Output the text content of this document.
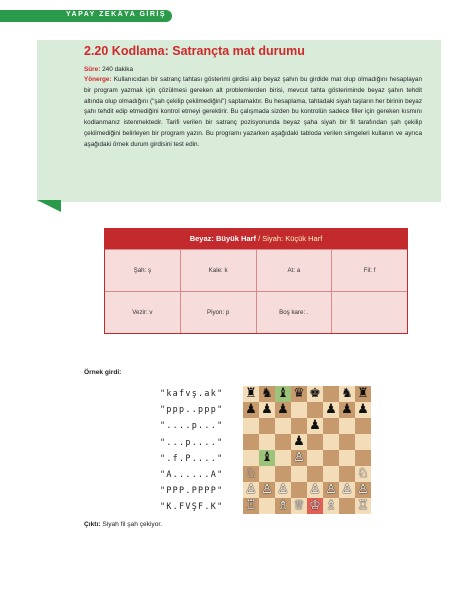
YAPAY ZEKÂYA GİRİŞ
2.20 Kodlama: Satrançta mat durumu
Süre: 240 dakika
Yönerge: Kullanıcıdan bir satranç tahtası gösterimi girdisi alıp beyaz şahın bu girdide mat olup olmadığını hesaplayan bir program yazmak için çözülmesi gereken alt problemlerden birisi, mevcut tahta gösteriminde beyaz şahın tehdit altında olup olmadığını ("şah çekilip çekilmediğini") saptamaktır. Bu hesaplama, tahtadaki siyah taşların her birinin beyaz şahı tehdit edip etmediğini kontrol etmeyi gerektirir. Bu çalışmada sizden bu kontrolün sadece filler için gereken kısmını kodlanmanız istenmektedir. Tarifi verilen bir satranç pozisyonunda beyaz şaha siyah bir fil tarafından şah çekilip çekilmediğini belirleyen bir program yazın. Bu programı yazarken aşağıdaki tabloda verilen simgeleri kullanın ve ayrıca aşağıdaki örnek durum girdisini test edin.
Beyaz: Büyük Harf / Siyah: Küçük Harf
Şah: ş	Kale: k	At: a	Fil: f
Vezir: v	Piyon: p	Boş kare: .
Örnek girdi:
"kafvş.ak"
"ppp..ppp"
"....p..."
"...p...."
".f.P...."
"A......A"
"PPP.PPPP"
"K.FVŞF.K"
♜ ♞ ♝ ♛ ♚ ♞ ♜
♟ ♟ ♟	♟ ♟ ♟
♟
♟
♝ ♙
♘	♘
♙ ♙ ♙ ♙ ♙ ♙ ♙
♖ ♗ ♕ ♔ ♗ ♖
Çıktı: Siyah fil şah çekiyor.
